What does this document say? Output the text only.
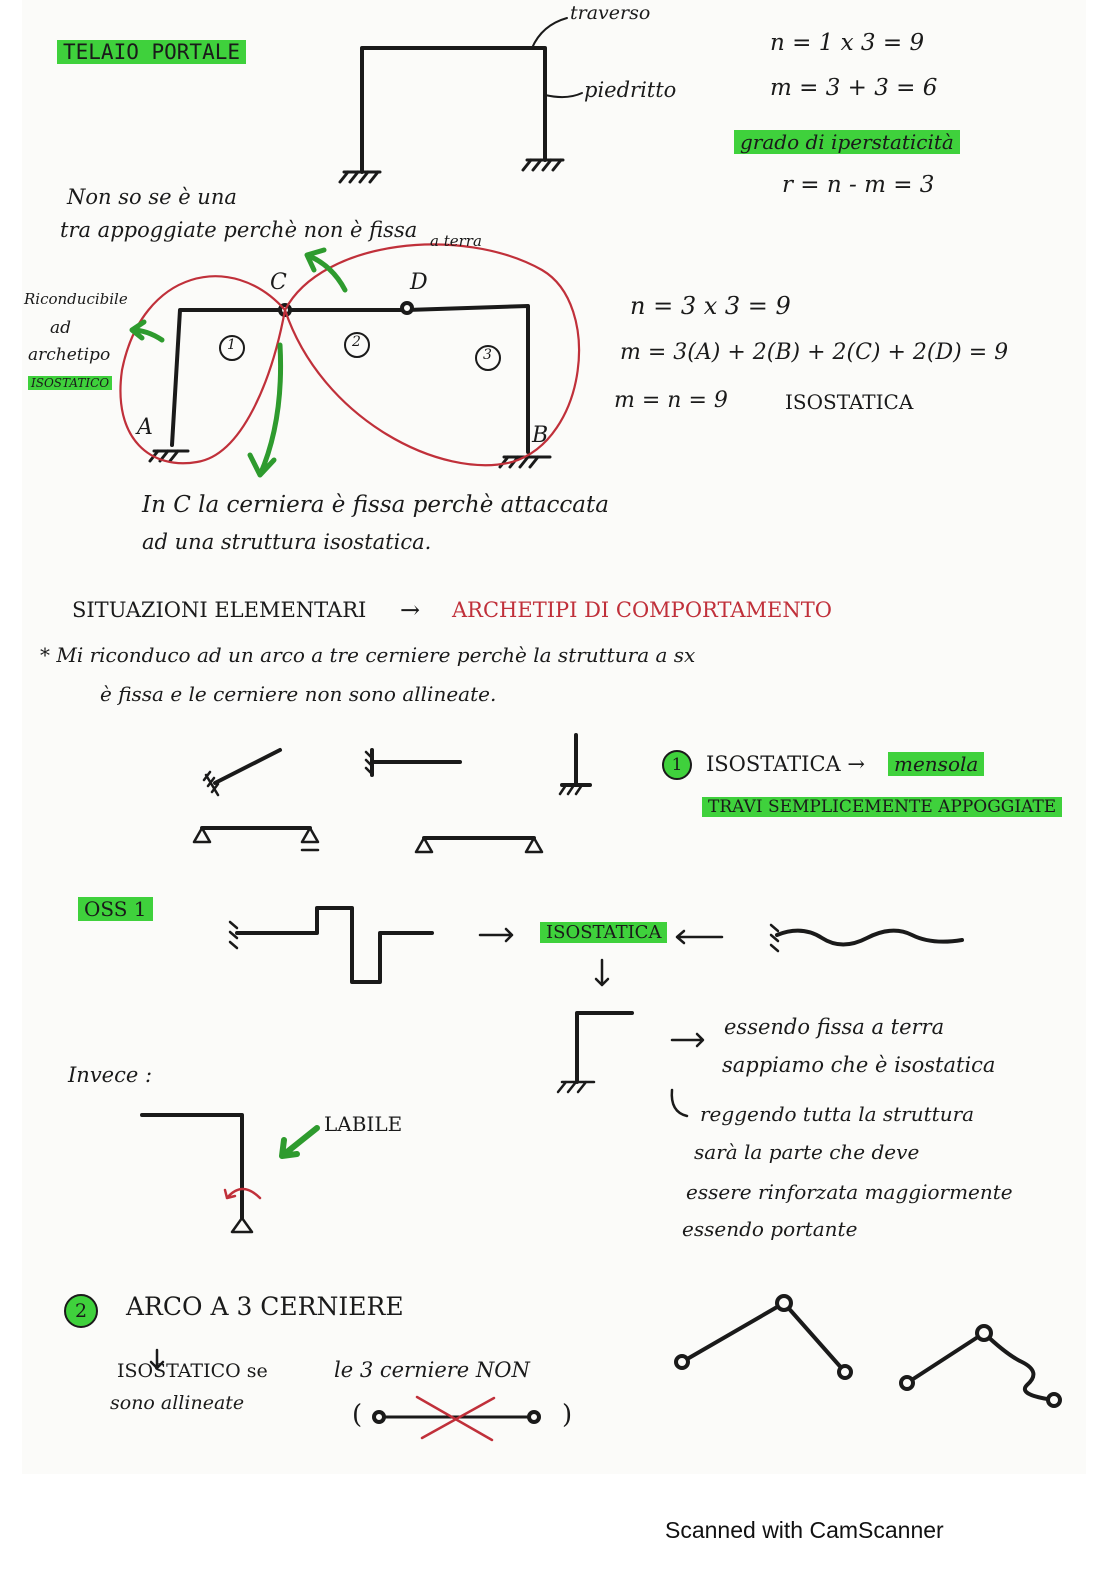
TELAIO PORTALE
traverso
piedritto
n = 1 x 3 = 9
m = 3 + 3 = 6
grado di iperstaticità
r = n - m = 3
Non so se è una
tra appoggiate perchè non è fissa a terra
Riconducibile
ad
archetipo
ISOSTATICO
C	D
A	B
1	2
3
n = 3 x 3 = 9
m = 3(A) + 2(B) + 2(C) + 2(D) = 9
m = n = 9	ISOSTATICA
In C la cerniera è fissa perchè attaccata
ad una struttura isostatica.
SITUAZIONI ELEMENTARI → ARCHETIPI DI COMPORTAMENTO
* Mi riconduco ad un arco a tre cerniere perchè la struttura a sx
è fissa e le cerniere non sono allineate.
1	ISOSTATICA →	mensola
TRAVI SEMPLICEMENTE APPOGGIATE
OSS 1
ISOSTATICA
Invece :
LABILE
essendo fissa a terra
sappiamo che è isostatica
reggendo tutta la struttura
sarà la parte che deve
essere rinforzata maggiormente
essendo portante
2	ARCO A 3 CERNIERE
ISOSTATICO se	le 3 cerniere NON
sono allineate	(	)
Scanned with CamScanner
